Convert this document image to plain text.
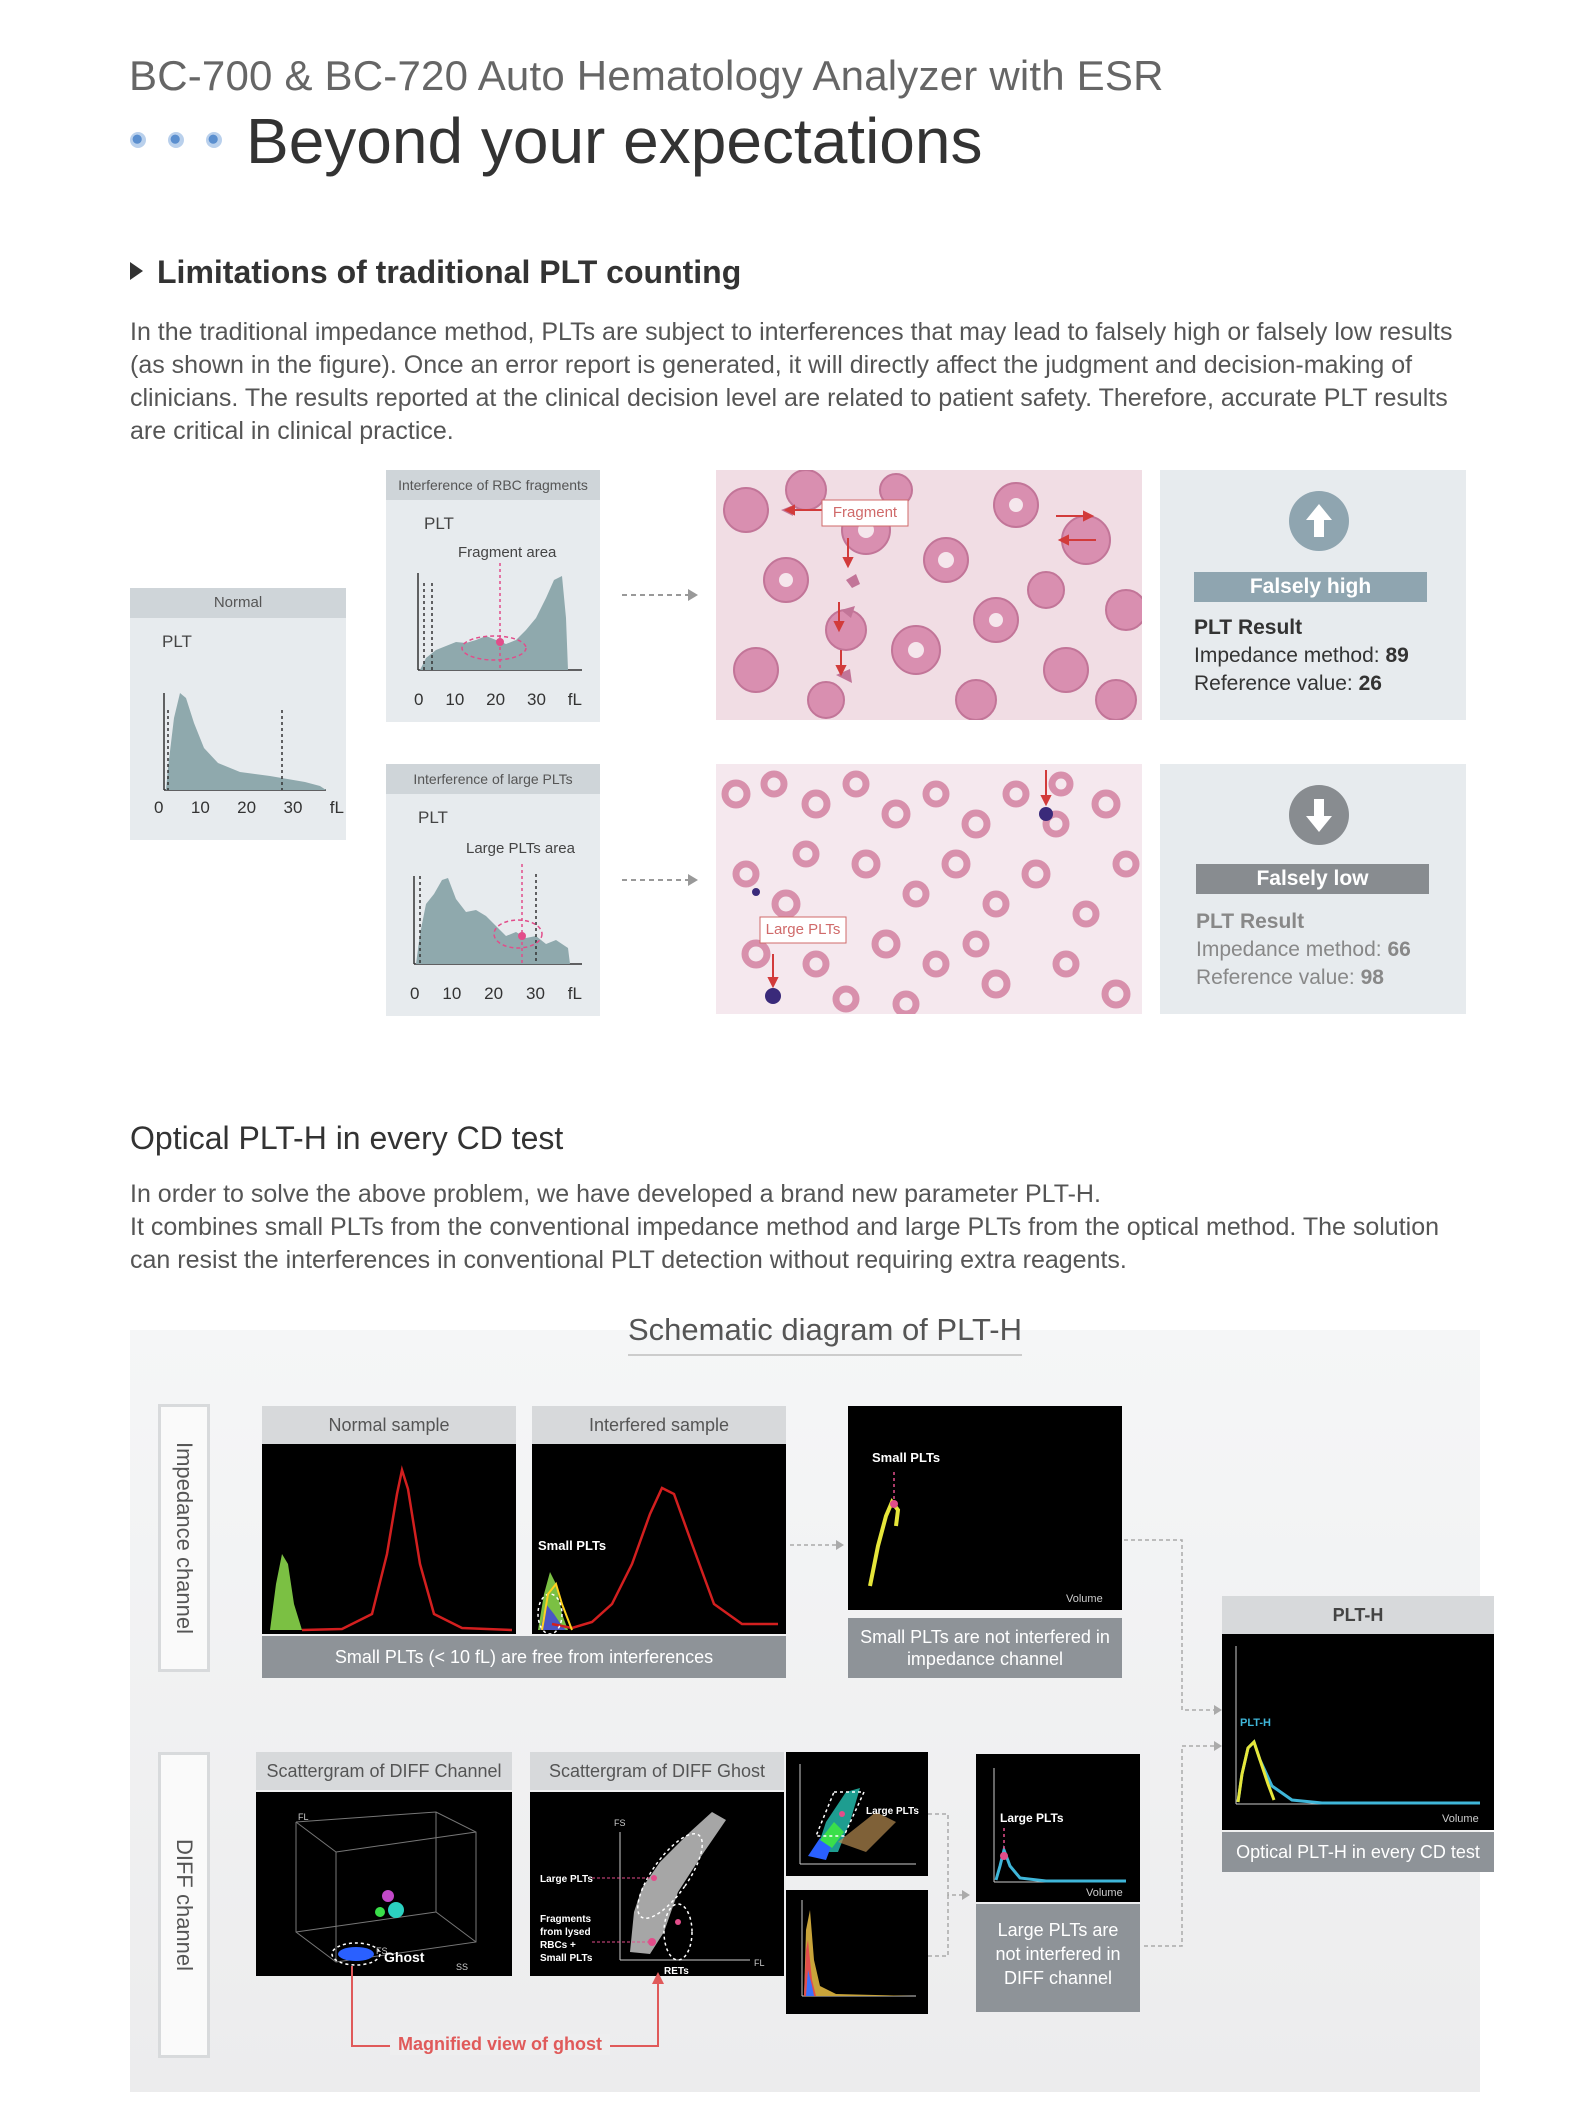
BC-700 & BC-720 Auto Hematology Analyzer with ESR
Beyond your expectations
Limitations of traditional PLT counting
In the traditional impedance method, PLTs are subject to interferences that may lead to falsely high or falsely low results (as shown in the figure). Once an error report is generated, it will directly affect the judgment and decision-making of clinicians. The results reported at the clinical decision level are related to patient safety. Therefore, accurate PLT results are critical in clinical practice.
Normal
PLT
0 10 20 30 fL
Interference of RBC fragments
PLT
Fragment area
0 10 20 30 fL
Interference of large PLTs
PLT
Large PLTs area
0 10 20 30 fL
Fragment
Large PLTs
Falsely high
PLT Result
Impedance method: 89
Reference value: 26
Falsely low
PLT Result
Impedance method: 66
Reference value: 98
Optical PLT-H in every CD test
In order to solve the above problem, we have developed a brand new parameter PLT-H.
It combines small PLTs from the conventional impedance method and large PLTs from the optical method. The solution can resist the interferences in conventional PLT detection without requiring extra reagents.
Schematic diagram of PLT-H
Impedance channel
DIFF channel
Normal sample	Interfered sample
Small PLTs
Small PLTs (< 10 fL) are free from interferences
Small PLTs
Volume
Small PLTs are not interfered in impedance channel
Scattergram of DIFF Channel
FL
FS
SS
Ghost
Scattergram of DIFF Ghost
FS
FL
Large PLTs
Fragments
from lysed
RBCs +
Small PLTs
RETs
Large PLTs	Large PLTs
Volume
Large PLTs are
not interfered in
DIFF channel
PLT-H
PLT-H
Volume
Optical PLT-H in every CD test
Magnified view of ghost
